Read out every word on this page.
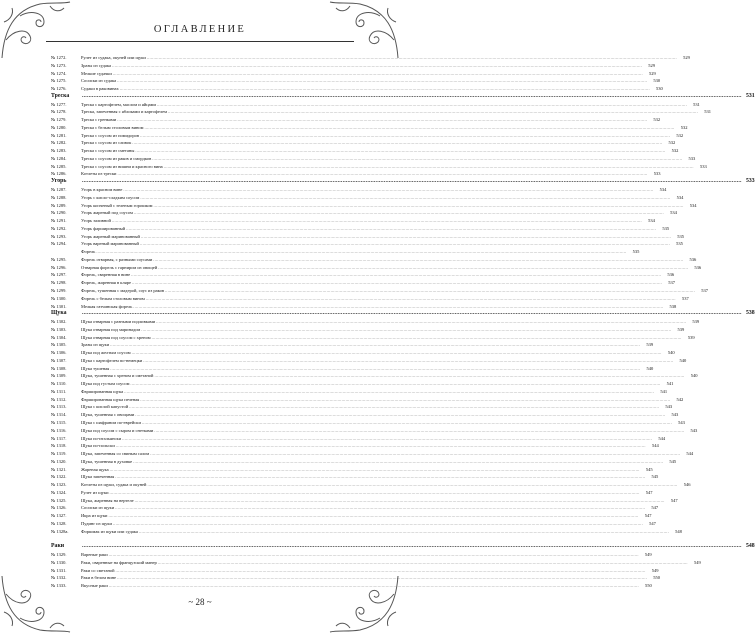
ОГЛАВЛЕНИЕ
№ 1272.	Рулет из судака, окуней или щуки ................................................................................................................................................................................................................................................................................................................................................................................................................	529
№ 1273.	Зразы из судака ................................................................................................................................................................................................................................................................................................................................................................................................................	529
№ 1274.	Мелкие судачки ................................................................................................................................................................................................................................................................................................................................................................................................................	529
№ 1275.	Сосиски из судака ................................................................................................................................................................................................................................................................................................................................................................................................................	530
№ 1276.	Судаки в раковинах ................................................................................................................................................................................................................................................................................................................................................................................................................	530
Треска	................................................................................................................................................................................................................................................................................................................................................................................................................ 531
№ 1277.	Треска с картофелем, маслом и яйцами ................................................................................................................................................................................................................................................................................................................................................................................................................	531
№ 1278.	Треска, запеченная с яблоками и картофелем ................................................................................................................................................................................................................................................................................................................................................................................................................	531
№ 1279.	Треска с гренками ................................................................................................................................................................................................................................................................................................................................................................................................................	532
№ 1280.	Треска с белым столовым вином ................................................................................................................................................................................................................................................................................................................................................................................................................	532
№ 1281.	Треска с соусом из помидоров ................................................................................................................................................................................................................................................................................................................................................................................................................	532
№ 1282.	Треска с соусом из сливок ................................................................................................................................................................................................................................................................................................................................................................................................................	532
№ 1283.	Треска с соусом из сметаны ................................................................................................................................................................................................................................................................................................................................................................................................................	532
№ 1284.	Треска с соусом из раков и смордков ................................................................................................................................................................................................................................................................................................................................................................................................................	533
№ 1285.	Треска с соусом из вишни и красного вина ................................................................................................................................................................................................................................................................................................................................................................................................................	533
№ 1286.	Котлеты из трески ................................................................................................................................................................................................................................................................................................................................................................................................................	533
Угорь	................................................................................................................................................................................................................................................................................................................................................................................................................ 533
№ 1287.	Угорь в красном вине ................................................................................................................................................................................................................................................................................................................................................................................................................	534
№ 1288.	Угорь с кисло-сладким соусом ................................................................................................................................................................................................................................................................................................................................................................................................................	534
№ 1289.	Угорь копченый с зеленым горошком ................................................................................................................................................................................................................................................................................................................................................................................................................	534
№ 1290.	Угорь жареный под соусом ................................................................................................................................................................................................................................................................................................................................................................................................................	534
№ 1291.	Угорь заливной ................................................................................................................................................................................................................................................................................................................................................................................................................	534
№ 1292.	Угорь фаршированный ................................................................................................................................................................................................................................................................................................................................................................................................................	535
№ 1293.	Угорь жареный маринованный ................................................................................................................................................................................................................................................................................................................................................................................................................	535
№ 1294.	Угорь вареный маринованный ................................................................................................................................................................................................................................................................................................................................................................................................................	535
Форель ................................................................................................................................................................................................................................................................................................................................................................................................................	535
№ 1295.	Форель отварная, с разными соусами ................................................................................................................................................................................................................................................................................................................................................................................................................	536
№ 1296.	Отварная форель с гарниром из овощей ................................................................................................................................................................................................................................................................................................................................................................................................................	536
№ 1297.	Форель, сваренная в вине ................................................................................................................................................................................................................................................................................................................................................................................................................	536
№ 1298.	Форель, жаренная в кляре ................................................................................................................................................................................................................................................................................................................................................................................................................	537
№ 1299.	Форель, тушенная с мадерой, соус из раков ................................................................................................................................................................................................................................................................................................................................................................................................................	537
№ 1300.	Форель с белым столовым вином ................................................................................................................................................................................................................................................................................................................................................................................................................	537
№ 1301.	Мелкая гатчинская форель ................................................................................................................................................................................................................................................................................................................................................................................................................	538
Щука	................................................................................................................................................................................................................................................................................................................................................................................................................ 538
№ 1302.	Щука отварная с разными подливками ................................................................................................................................................................................................................................................................................................................................................................................................................	539
№ 1303.	Щука отварная под маринадом ................................................................................................................................................................................................................................................................................................................................................................................................................	539
№ 1304.	Щука отварная под соусом с хреном ................................................................................................................................................................................................................................................................................................................................................................................................................	539
№ 1305.	Зразы из щуки ................................................................................................................................................................................................................................................................................................................................................................................................................	539
№ 1306.	Щука под желтым соусом ................................................................................................................................................................................................................................................................................................................................................................................................................	540
№ 1307.	Щука с картофелем по-немецки ................................................................................................................................................................................................................................................................................................................................................................................................................	540
№ 1308.	Щука тушеная ................................................................................................................................................................................................................................................................................................................................................................................................................	540
№ 1309.	Щука, тушенная с хреном и сметаной ................................................................................................................................................................................................................................................................................................................................................................................................................	540
№ 1310.	Щука под густым соусом ................................................................................................................................................................................................................................................................................................................................................................................................................	541
№ 1311.	Фаршированная щука ................................................................................................................................................................................................................................................................................................................................................................................................................	541
№ 1312.	Фаршированная щука печеная ................................................................................................................................................................................................................................................................................................................................................................................................................	542
№ 1313.	Щука с кислой капустой ................................................................................................................................................................................................................................................................................................................................................................................................................	543
№ 1314.	Щука, тушенная с овощами ................................................................................................................................................................................................................................................................................................................................................................................................................	543
№ 1315.	Щука с шафраном по-еврейски ................................................................................................................................................................................................................................................................................................................................................................................................................	543
№ 1316.	Щука под соусом с сыром и снетками ................................................................................................................................................................................................................................................................................................................................................................................................................	543
№ 1317.	Щука по-итальянски ................................................................................................................................................................................................................................................................................................................................................................................................................	544
№ 1318.	Щука по-польски ................................................................................................................................................................................................................................................................................................................................................................................................................	544
№ 1319.	Щука, запеченная со свиным салом ................................................................................................................................................................................................................................................................................................................................................................................................................	544
№ 1320.	Щука, тушенная в духовке ................................................................................................................................................................................................................................................................................................................................................................................................................	545
№ 1321.	Жареная щука ................................................................................................................................................................................................................................................................................................................................................................................................................	545
№ 1322.	Щука запеченная ................................................................................................................................................................................................................................................................................................................................................................................................................	545
№ 1323.	Котлеты из щуки, судака и окуней ................................................................................................................................................................................................................................................................................................................................................................................................................	546
№ 1324.	Рулет из щуки ................................................................................................................................................................................................................................................................................................................................................................................................................	547
№ 1325.	Щука, жаренная на вертеле ................................................................................................................................................................................................................................................................................................................................................................................................................	547
№ 1326.	Сосиски из щуки ................................................................................................................................................................................................................................................................................................................................................................................................................	547
№ 1327.	Икра из щуки ................................................................................................................................................................................................................................................................................................................................................................................................................	547
№ 1328.	Пудинг из щуки ................................................................................................................................................................................................................................................................................................................................................................................................................	547
№ 1328а.	Форшмак из щуки или судака ................................................................................................................................................................................................................................................................................................................................................................................................................	548
Раки	................................................................................................................................................................................................................................................................................................................................................................................................................ 548
№ 1329.	Вареные раки ................................................................................................................................................................................................................................................................................................................................................................................................................	549
№ 1330.	Раки, сваренные на французский манер ................................................................................................................................................................................................................................................................................................................................................................................................................	549
№ 1331.	Раки со сметаной ................................................................................................................................................................................................................................................................................................................................................................................................................	549
№ 1332.	Раки в белом вине ................................................................................................................................................................................................................................................................................................................................................................................................................	550
№ 1333.	Вкусные раки ................................................................................................................................................................................................................................................................................................................................................................................................................	550
~ 28 ~
